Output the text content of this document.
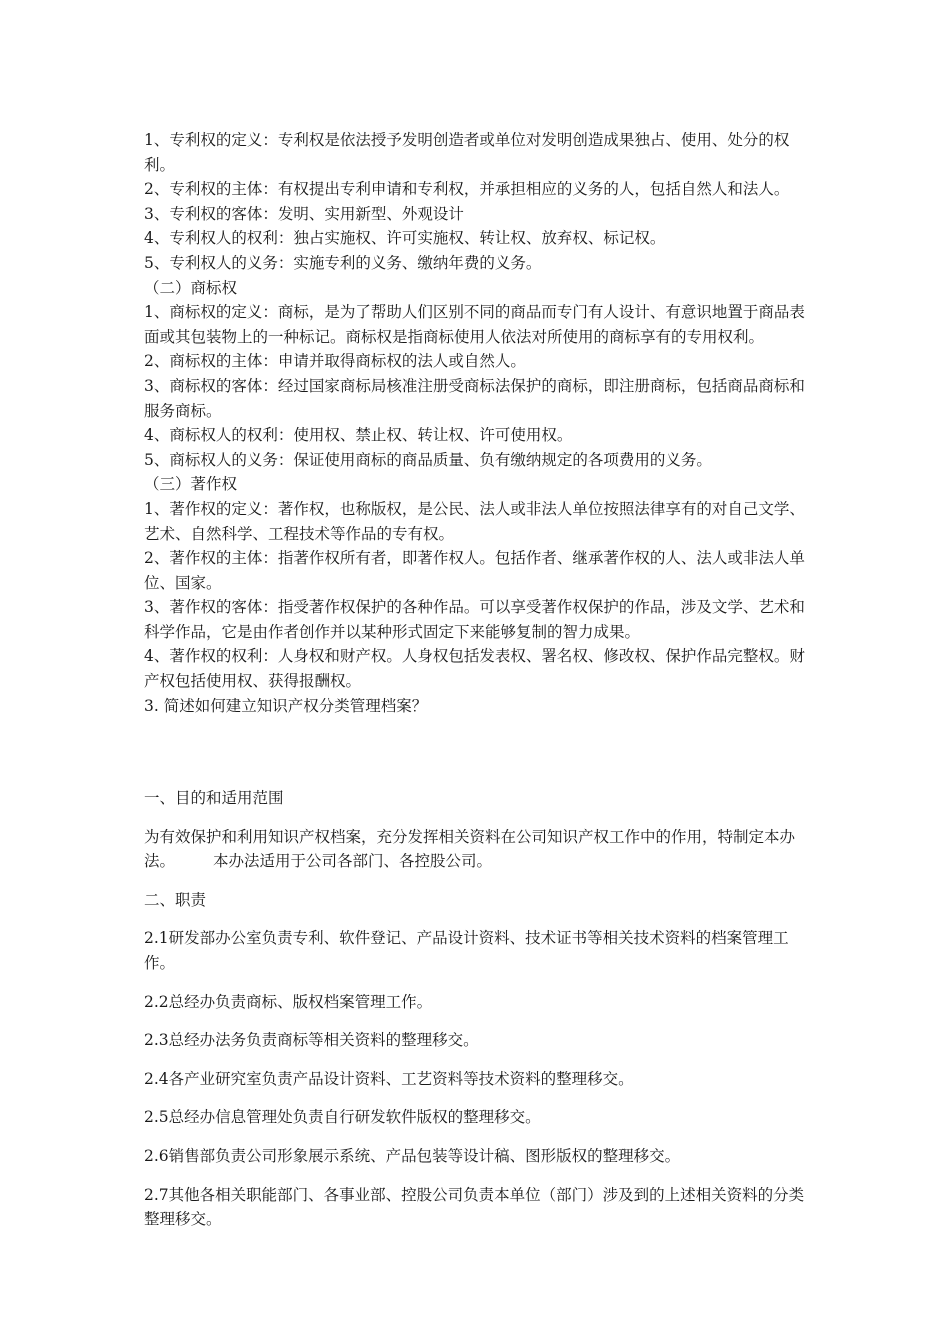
1、专利权的定义：专利权是依法授予发明创造者或单位对发明创造成果独占、使用、处分的权利。

2、专利权的主体：有权提出专利申请和专利权，并承担相应的义务的人，包括自然人和法人。

3、专利权的客体：发明、实用新型、外观设计

4、专利权人的权利：独占实施权、许可实施权、转让权、放弃权、标记权。

5、专利权人的义务：实施专利的义务、缴纳年费的义务。

（二）商标权

1、商标权的定义：商标，是为了帮助人们区别不同的商品而专门有人设计、有意识地置于商品表面或其包装物上的一种标记。商标权是指商标使用人依法对所使用的商标享有的专用权利。

2、商标权的主体：申请并取得商标权的法人或自然人。

3、商标权的客体：经过国家商标局核准注册受商标法保护的商标，即注册商标，包括商品商标和服务商标。

4、商标权人的权利：使用权、禁止权、转让权、许可使用权。

5、商标权人的义务：保证使用商标的商品质量、负有缴纳规定的各项费用的义务。

（三）著作权

1、著作权的定义：著作权，也称版权，是公民、法人或非法人单位按照法律享有的对自己文学、艺术、自然科学、工程技术等作品的专有权。

2、著作权的主体：指著作权所有者，即著作权人。包括作者、继承著作权的人、法人或非法人单位、国家。

3、著作权的客体：指受著作权保护的各种作品。可以享受著作权保护的作品，涉及文学、艺术和科学作品，它是由作者创作并以某种形式固定下来能够复制的智力成果。

4、著作权的权利：人身权和财产权。人身权包括发表权、署名权、修改权、保护作品完整权。财产权包括使用权、获得报酬权。

3. 简述如何建立知识产权分类管理档案？

一、目的和适用范围

为有效保护和利用知识产权档案，充分发挥相关资料在公司知识产权工作中的作用，特制定本办法。 本办法适用于公司各部门、各控股公司。

二、职责

2.1研发部办公室负责专利、软件登记、产品设计资料、技术证书等相关技术资料的档案管理工作。

2.2总经办负责商标、版权档案管理工作。

2.3总经办法务负责商标等相关资料的整理移交。

2.4各产业研究室负责产品设计资料、工艺资料等技术资料的整理移交。

2.5总经办信息管理处负责自行研发软件版权的整理移交。

2.6销售部负责公司形象展示系统、产品包装等设计稿、图形版权的整理移交。

2.7其他各相关职能部门、各事业部、控股公司负责本单位（部门）涉及到的上述相关资料的分类整理移交。
